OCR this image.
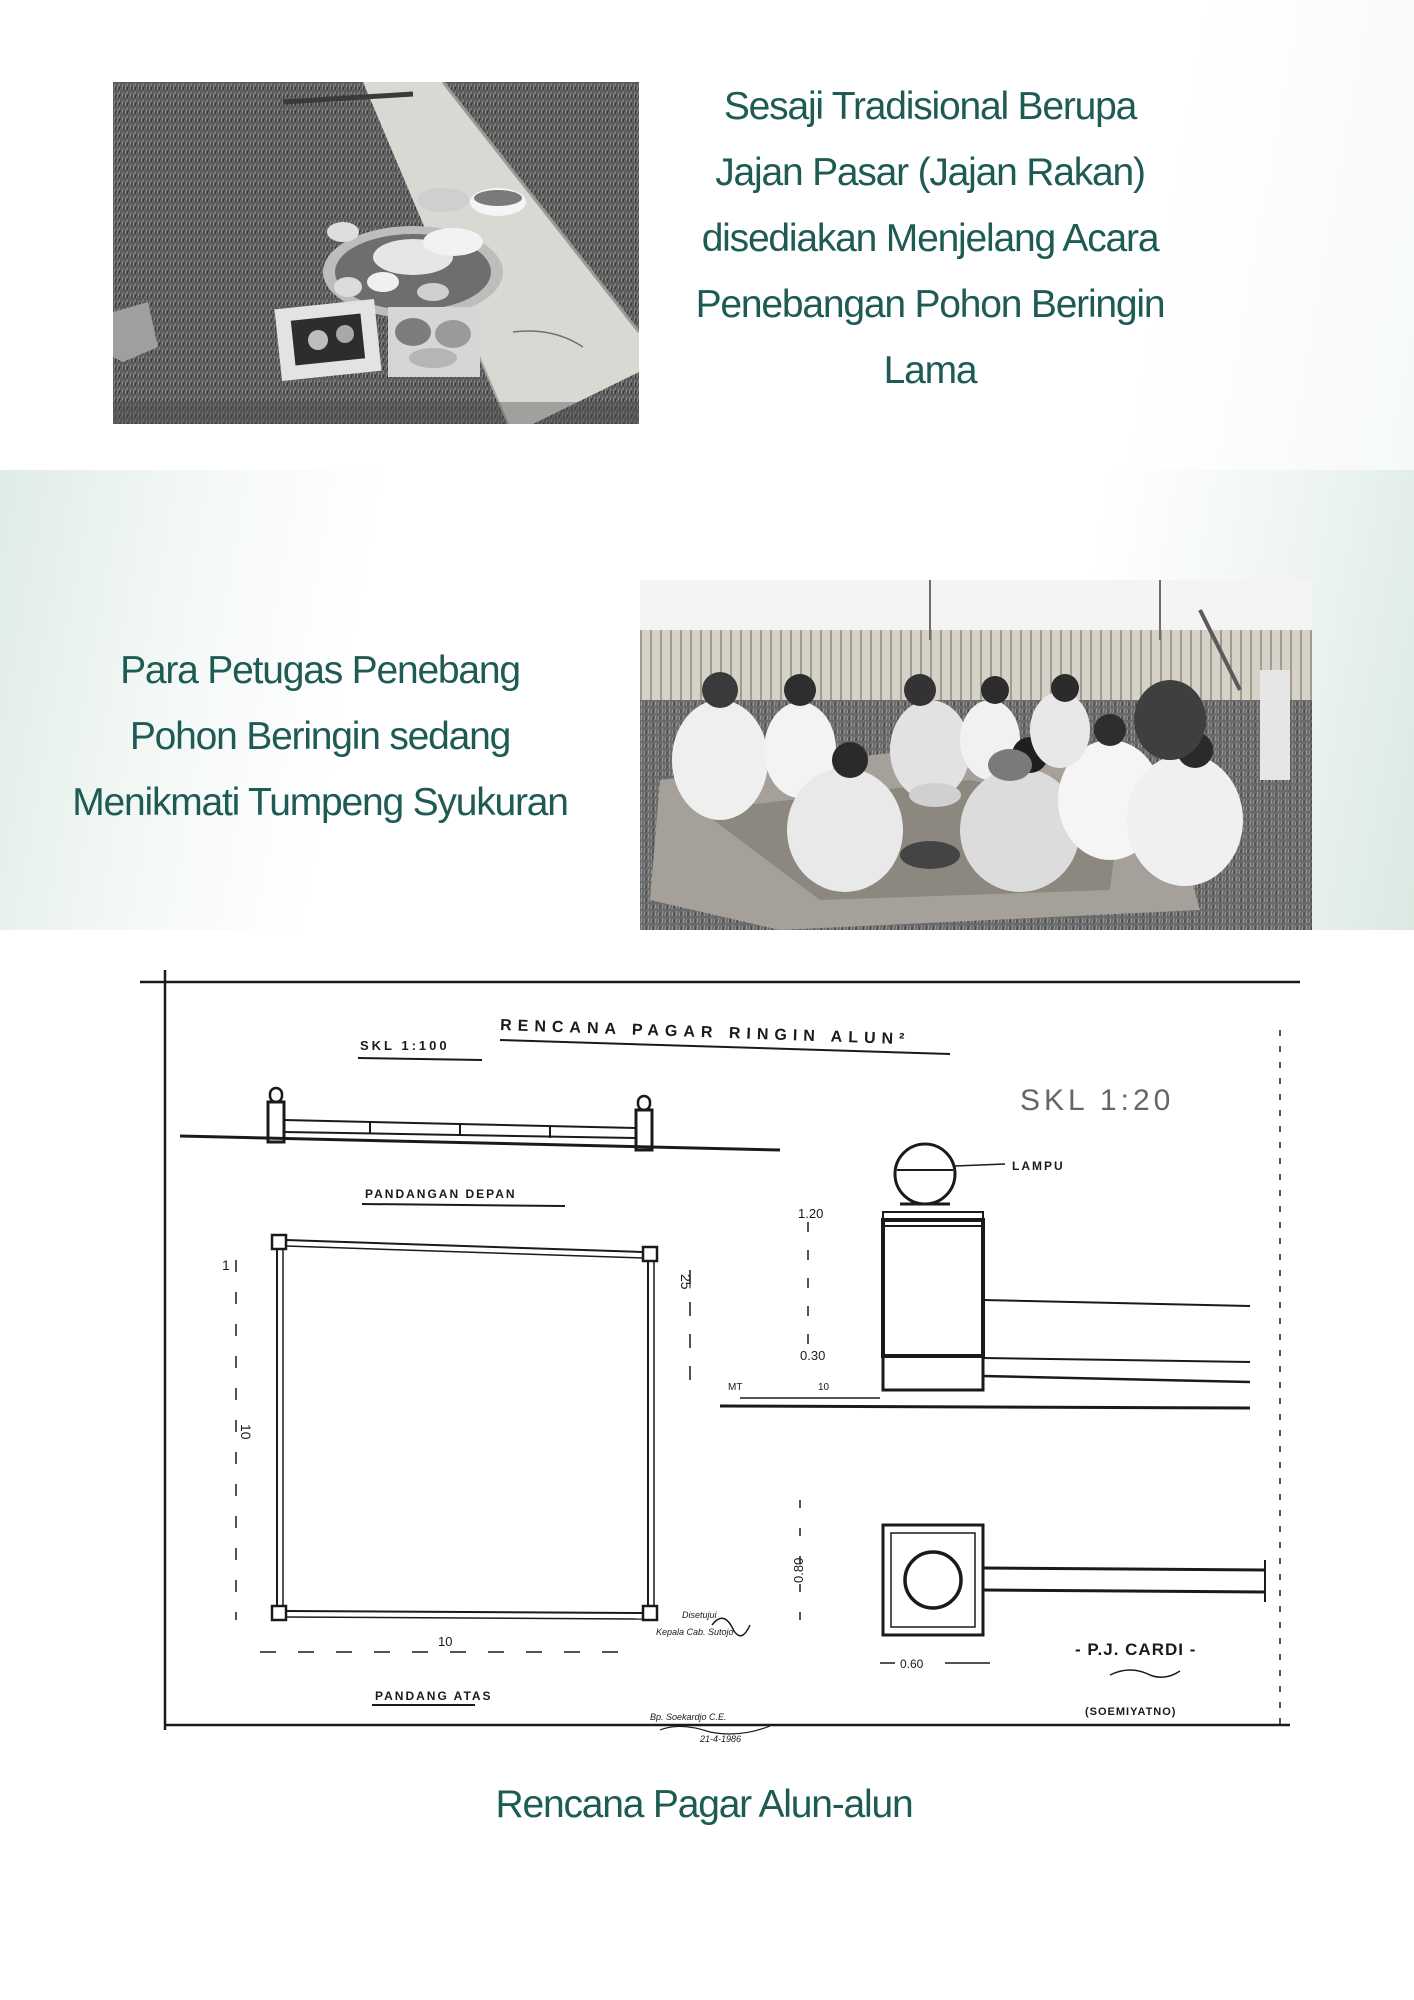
Sesaji Tradisional Berupa
Jajan Pasar (Jajan Rakan)
disediakan Menjelang Acara
Penebangan Pohon Beringin
Lama
Para Petugas Penebang
Pohon Beringin sedang
Menikmati Tumpeng Syukuran
RENCANA PAGAR RINGIN ALUN²
SKL 1:100
SKL 1:20
PANDANGAN DEPAN
1
10
25
10
PANDANG ATAS
LAMPU
1.20
0.30
MT	10
0.80
0.60
- P.J. CARDI -
(SOEMIYATNO)
Disetujui
Kepala Cab. Sutojo
Bp. Soekardjo C.E.
21-4-1986
Rencana Pagar Alun-alun
